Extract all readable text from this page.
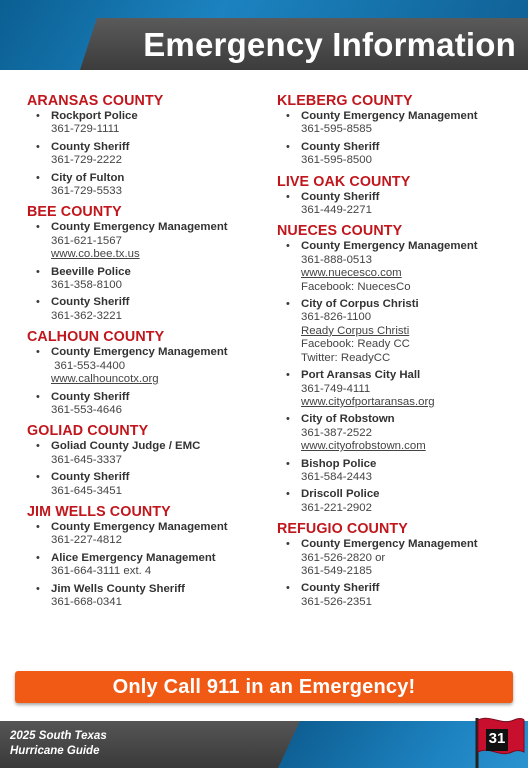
Emergency Information
ARANSAS COUNTY
• Rockport Police
361-729-1111
• County Sheriff
361-729-2222
• City of Fulton
361-729-5533
BEE COUNTY
• County Emergency Management
361-621-1567
www.co.bee.tx.us
• Beeville Police
361-358-8100
• County Sheriff
361-362-3221
CALHOUN COUNTY
• County Emergency Management
361-553-4400
www.calhouncotx.org
• County Sheriff
361-553-4646
GOLIAD COUNTY
• Goliad County Judge / EMC
361-645-3337
• County Sheriff
361-645-3451
JIM WELLS COUNTY
• County Emergency Management
361-227-4812
• Alice Emergency Management
361-664-3111 ext. 4
• Jim Wells County Sheriff
361-668-0341
KLEBERG COUNTY
• County Emergency Management
361-595-8585
• County Sheriff
361-595-8500
LIVE OAK COUNTY
• County Sheriff
361-449-2271
NUECES COUNTY
• County Emergency Management
361-888-0513
www.nuecesco.com
Facebook: NuecesCo
• City of Corpus Christi
361-826-1100
Ready Corpus Christi
Facebook: Ready CC
Twitter: ReadyCC
• Port Aransas City Hall
361-749-4111
www.cityofportaransas.org
• City of Robstown
361-387-2522
www.cityofrobstown.com
• Bishop Police
361-584-2443
• Driscoll Police
361-221-2902
REFUGIO COUNTY
• County Emergency Management
361-526-2820 or
361-549-2185
• County Sheriff
361-526-2351
Only Call 911 in an Emergency!
2025 South Texas
Hurricane Guide
31
